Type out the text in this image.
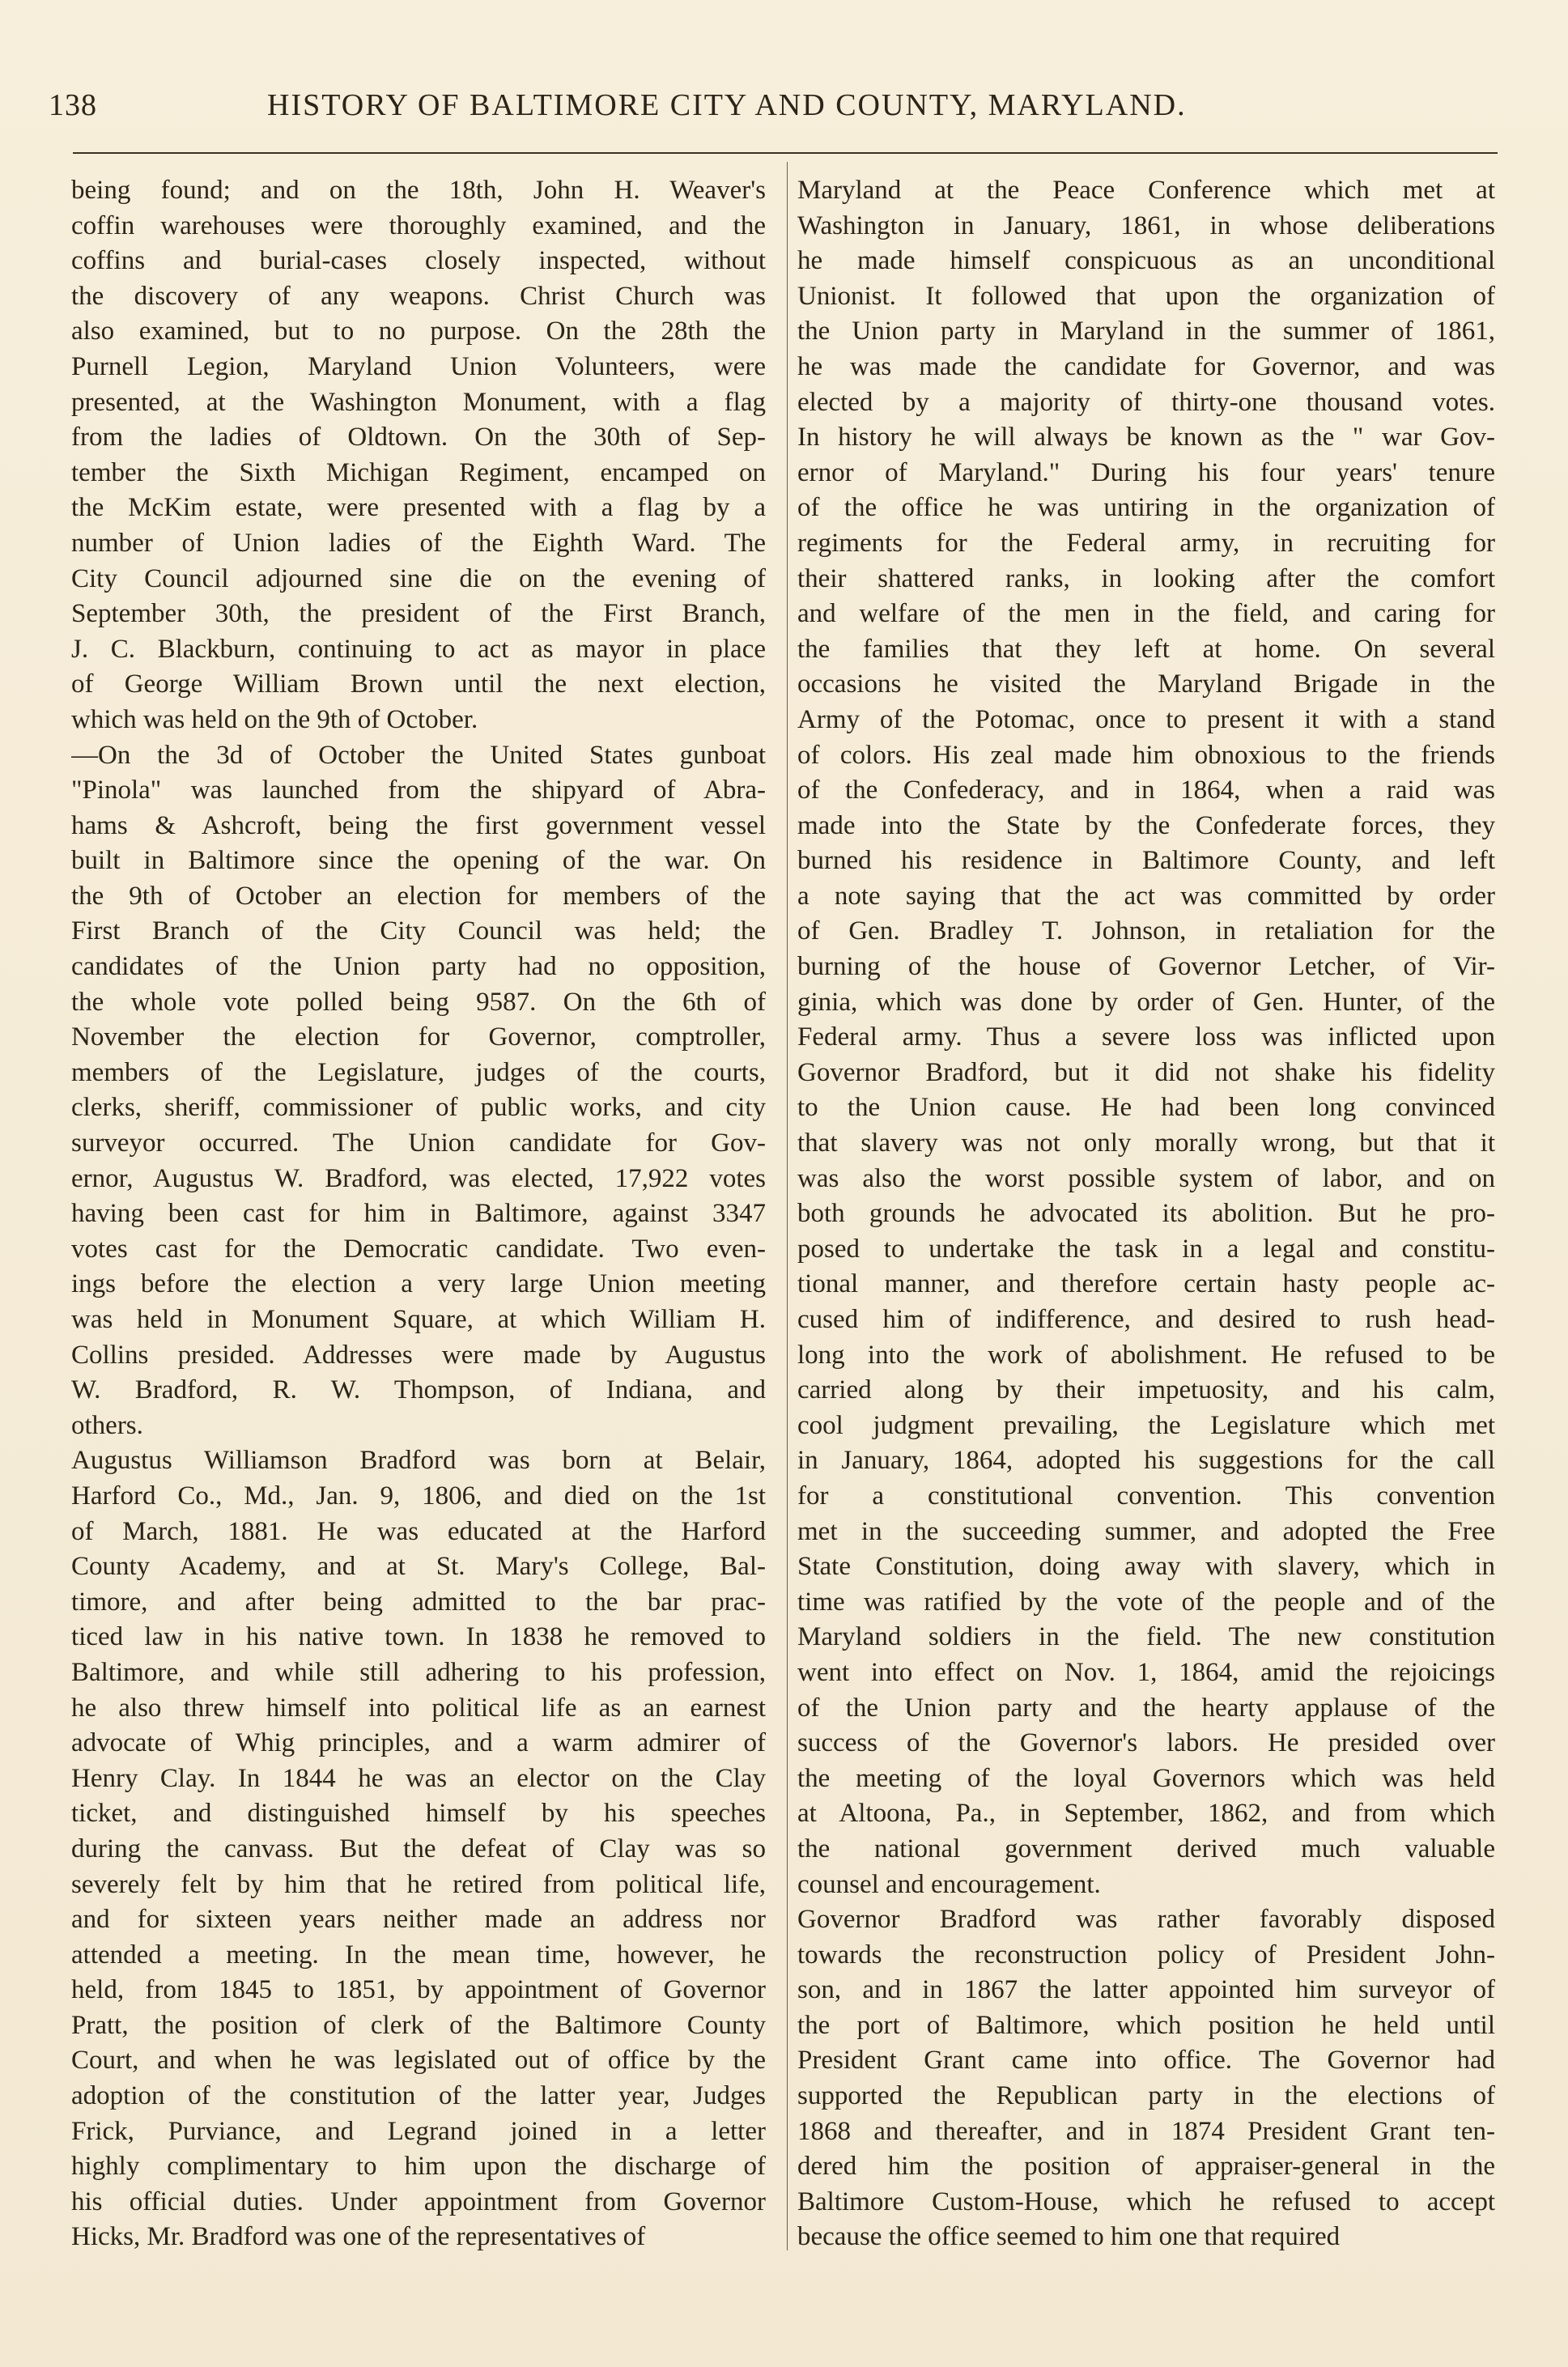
138	HISTORY OF BALTIMORE CITY AND COUNTY, MARYLAND.
being found; and on the 18th, John H. Weaver's
coffin warehouses were thoroughly examined, and the
coffins and burial-cases closely inspected, without
the discovery of any weapons. Christ Church was
also examined, but to no purpose. On the 28th the
Purnell Legion, Maryland Union Volunteers, were
presented, at the Washington Monument, with a flag
from the ladies of Oldtown. On the 30th of Sep-
tember the Sixth Michigan Regiment, encamped on
the McKim estate, were presented with a flag by a
number of Union ladies of the Eighth Ward. The
City Council adjourned sine die on the evening of
September 30th, the president of the First Branch,
J. C. Blackburn, continuing to act as mayor in place
of George William Brown until the next election,
which was held on the 9th of October.
—On the 3d of October the United States gunboat
"Pinola" was launched from the shipyard of Abra-
hams & Ashcroft, being the first government vessel
built in Baltimore since the opening of the war. On
the 9th of October an election for members of the
First Branch of the City Council was held; the
candidates of the Union party had no opposition,
the whole vote polled being 9587. On the 6th of
November the election for Governor, comptroller,
members of the Legislature, judges of the courts,
clerks, sheriff, commissioner of public works, and city
surveyor occurred. The Union candidate for Gov-
ernor, Augustus W. Bradford, was elected, 17,922 votes
having been cast for him in Baltimore, against 3347
votes cast for the Democratic candidate. Two even-
ings before the election a very large Union meeting
was held in Monument Square, at which William H.
Collins presided. Addresses were made by Augustus
W. Bradford, R. W. Thompson, of Indiana, and
others.
Augustus Williamson Bradford was born at Belair,
Harford Co., Md., Jan. 9, 1806, and died on the 1st
of March, 1881. He was educated at the Harford
County Academy, and at St. Mary's College, Bal-
timore, and after being admitted to the bar prac-
ticed law in his native town. In 1838 he removed to
Baltimore, and while still adhering to his profession,
he also threw himself into political life as an earnest
advocate of Whig principles, and a warm admirer of
Henry Clay. In 1844 he was an elector on the Clay
ticket, and distinguished himself by his speeches
during the canvass. But the defeat of Clay was so
severely felt by him that he retired from political life,
and for sixteen years neither made an address nor
attended a meeting. In the mean time, however, he
held, from 1845 to 1851, by appointment of Governor
Pratt, the position of clerk of the Baltimore County
Court, and when he was legislated out of office by the
adoption of the constitution of the latter year, Judges
Frick, Purviance, and Legrand joined in a letter
highly complimentary to him upon the discharge of
his official duties. Under appointment from Governor
Hicks, Mr. Bradford was one of the representatives of
Maryland at the Peace Conference which met at
Washington in January, 1861, in whose deliberations
he made himself conspicuous as an unconditional
Unionist. It followed that upon the organization of
the Union party in Maryland in the summer of 1861,
he was made the candidate for Governor, and was
elected by a majority of thirty-one thousand votes.
In history he will always be known as the " war Gov-
ernor of Maryland." During his four years' tenure
of the office he was untiring in the organization of
regiments for the Federal army, in recruiting for
their shattered ranks, in looking after the comfort
and welfare of the men in the field, and caring for
the families that they left at home. On several
occasions he visited the Maryland Brigade in the
Army of the Potomac, once to present it with a stand
of colors. His zeal made him obnoxious to the friends
of the Confederacy, and in 1864, when a raid was
made into the State by the Confederate forces, they
burned his residence in Baltimore County, and left
a note saying that the act was committed by order
of Gen. Bradley T. Johnson, in retaliation for the
burning of the house of Governor Letcher, of Vir-
ginia, which was done by order of Gen. Hunter, of the
Federal army. Thus a severe loss was inflicted upon
Governor Bradford, but it did not shake his fidelity
to the Union cause. He had been long convinced
that slavery was not only morally wrong, but that it
was also the worst possible system of labor, and on
both grounds he advocated its abolition. But he pro-
posed to undertake the task in a legal and constitu-
tional manner, and therefore certain hasty people ac-
cused him of indifference, and desired to rush head-
long into the work of abolishment. He refused to be
carried along by their impetuosity, and his calm,
cool judgment prevailing, the Legislature which met
in January, 1864, adopted his suggestions for the call
for a constitutional convention. This convention
met in the succeeding summer, and adopted the Free
State Constitution, doing away with slavery, which in
time was ratified by the vote of the people and of the
Maryland soldiers in the field. The new constitution
went into effect on Nov. 1, 1864, amid the rejoicings
of the Union party and the hearty applause of the
success of the Governor's labors. He presided over
the meeting of the loyal Governors which was held
at Altoona, Pa., in September, 1862, and from which
the national government derived much valuable
counsel and encouragement.
Governor Bradford was rather favorably disposed
towards the reconstruction policy of President John-
son, and in 1867 the latter appointed him surveyor of
the port of Baltimore, which position he held until
President Grant came into office. The Governor had
supported the Republican party in the elections of
1868 and thereafter, and in 1874 President Grant ten-
dered him the position of appraiser-general in the
Baltimore Custom-House, which he refused to accept
because the office seemed to him one that required
